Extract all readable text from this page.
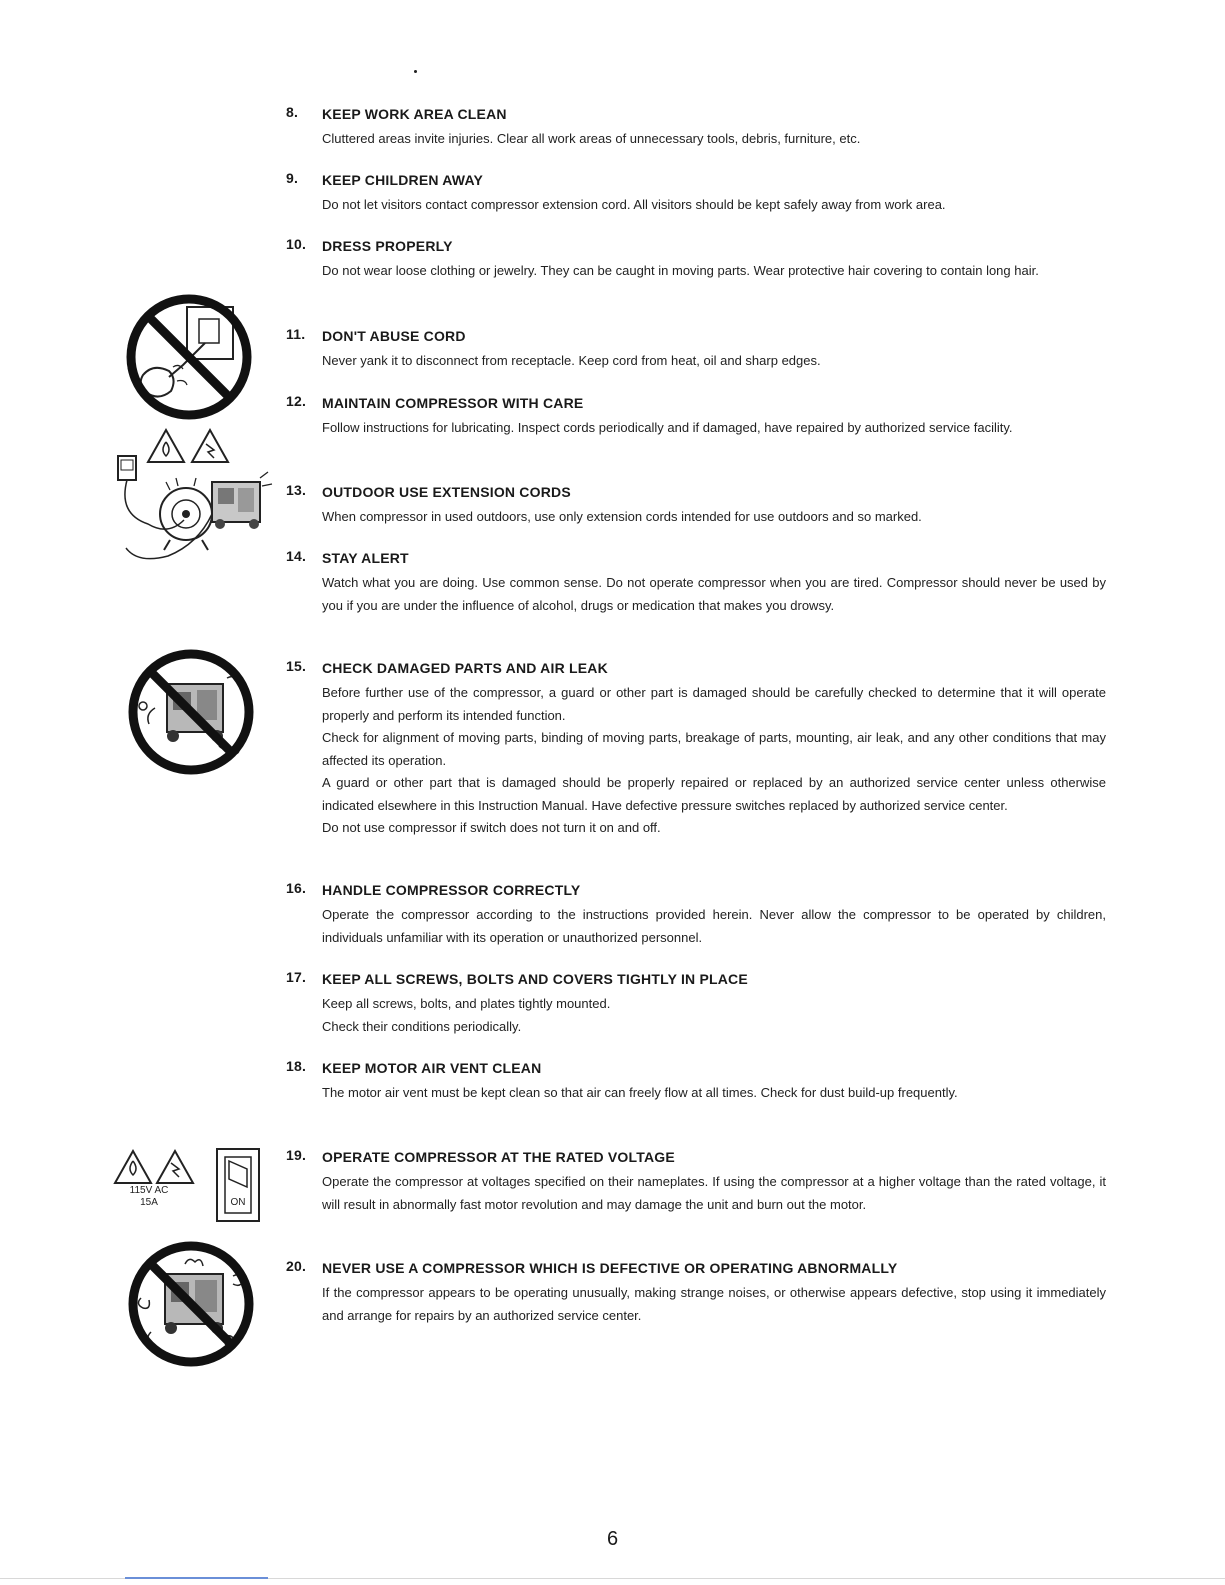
8. KEEP WORK AREA CLEAN

Cluttered areas invite injuries. Clear all work areas of unnecessary tools, debris, furniture, etc.

9. KEEP CHILDREN AWAY

Do not let visitors contact compressor extension cord. All visitors should be kept safely away from work area.

10. DRESS PROPERLY

Do not wear loose clothing or jewelry. They can be caught in moving parts. Wear protective hair covering to contain long hair.

11. DON'T ABUSE CORD

Never yank it to disconnect from receptacle. Keep cord from heat, oil and sharp edges.

12. MAINTAIN COMPRESSOR WITH CARE

Follow instructions for lubricating. Inspect cords periodically and if damaged, have repaired by authorized service facility.

13. OUTDOOR USE EXTENSION CORDS

When compressor in used outdoors, use only extension cords intended for use outdoors and so marked.

14. STAY ALERT

Watch what you are doing. Use common sense. Do not operate compressor when you are tired. Compressor should never be used by you if you are under the influence of alcohol, drugs or medication that makes you drowsy.

15. CHECK DAMAGED PARTS AND AIR LEAK

Before further use of the compressor, a guard or other part is damaged should be carefully checked to determine that it will operate properly and perform its intended function.

Check for alignment of moving parts, binding of moving parts, breakage of parts, mounting, air leak, and any other conditions that may affected its operation.

A guard or other part that is damaged should be properly repaired or replaced by an authorized service center unless otherwise indicated elsewhere in this Instruction Manual. Have defective pressure switches replaced by authorized service center.

Do not use compressor if switch does not turn it on and off.

16. HANDLE COMPRESSOR CORRECTLY

Operate the compressor according to the instructions provided herein. Never allow the compressor to be operated by children, individuals unfamiliar with its operation or unauthorized personnel.

17. KEEP ALL SCREWS, BOLTS AND COVERS TIGHTLY IN PLACE

Keep all screws, bolts, and plates tightly mounted.

Check their conditions periodically.

18. KEEP MOTOR AIR VENT CLEAN

The motor air vent must be kept clean so that air can freely flow at all times. Check for dust build-up frequently.

19. OPERATE COMPRESSOR AT THE RATED VOLTAGE

Operate the compressor at voltages specified on their nameplates. If using the compressor at a higher voltage than the rated voltage, it will result in abnormally fast motor revolution and may damage the unit and burn out the motor.

20. NEVER USE A COMPRESSOR WHICH IS DEFECTIVE OR OPERATING ABNORMALLY

If the compressor appears to be operating unusually, making strange noises, or otherwise appears defective, stop using it immediately and arrange for repairs by an authorized service center.

115V AC
15A	ON
6
